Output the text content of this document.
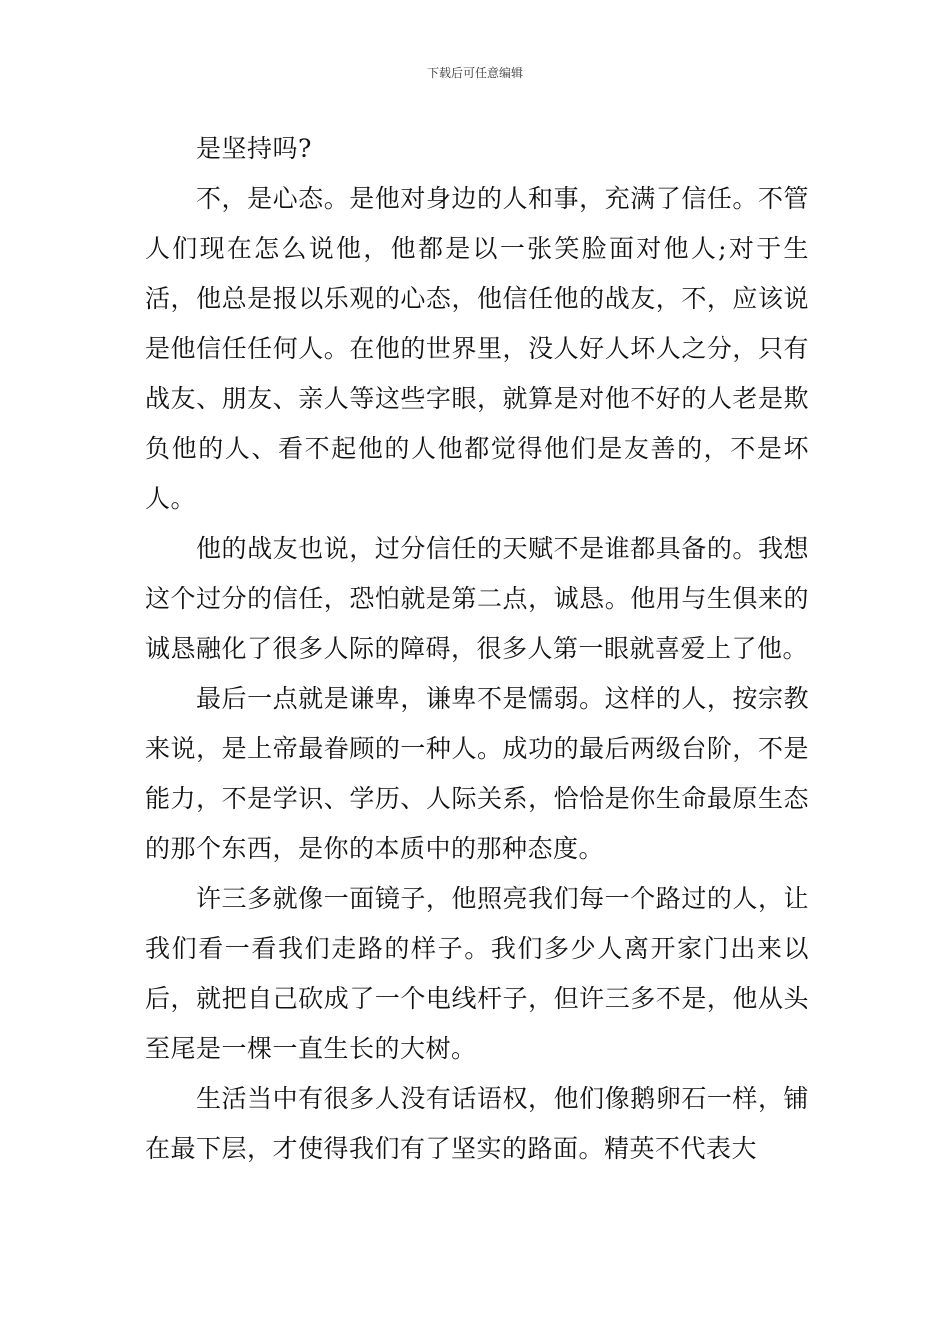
下载后可任意编辑

是坚持吗?

不，是心态。是他对身边的人和事，充满了信任。不管人们现在怎么说他，他都是以一张笑脸面对他人;对于生活，他总是报以乐观的心态，他信任他的战友，不，应该说是他信任任何人。在他的世界里，没人好人坏人之分，只有战友、朋友、亲人等这些字眼，就算是对他不好的人老是欺负他的人、看不起他的人他都觉得他们是友善的，不是坏人。

他的战友也说，过分信任的天赋不是谁都具备的。我想这个过分的信任，恐怕就是第二点，诚恳。他用与生俱来的诚恳融化了很多人际的障碍，很多人第一眼就喜爱上了他。

最后一点就是谦卑，谦卑不是懦弱。这样的人，按宗教来说，是上帝最眷顾的一种人。成功的最后两级台阶，不是能力，不是学识、学历、人际关系，恰恰是你生命最原生态的那个东西，是你的本质中的那种态度。

许三多就像一面镜子，他照亮我们每一个路过的人，让我们看一看我们走路的样子。我们多少人离开家门出来以后，就把自己砍成了一个电线杆子，但许三多不是，他从头至尾是一棵一直生长的大树。

生活当中有很多人没有话语权，他们像鹅卵石一样，铺在最下层，才使得我们有了坚实的路面。精英不代表大
